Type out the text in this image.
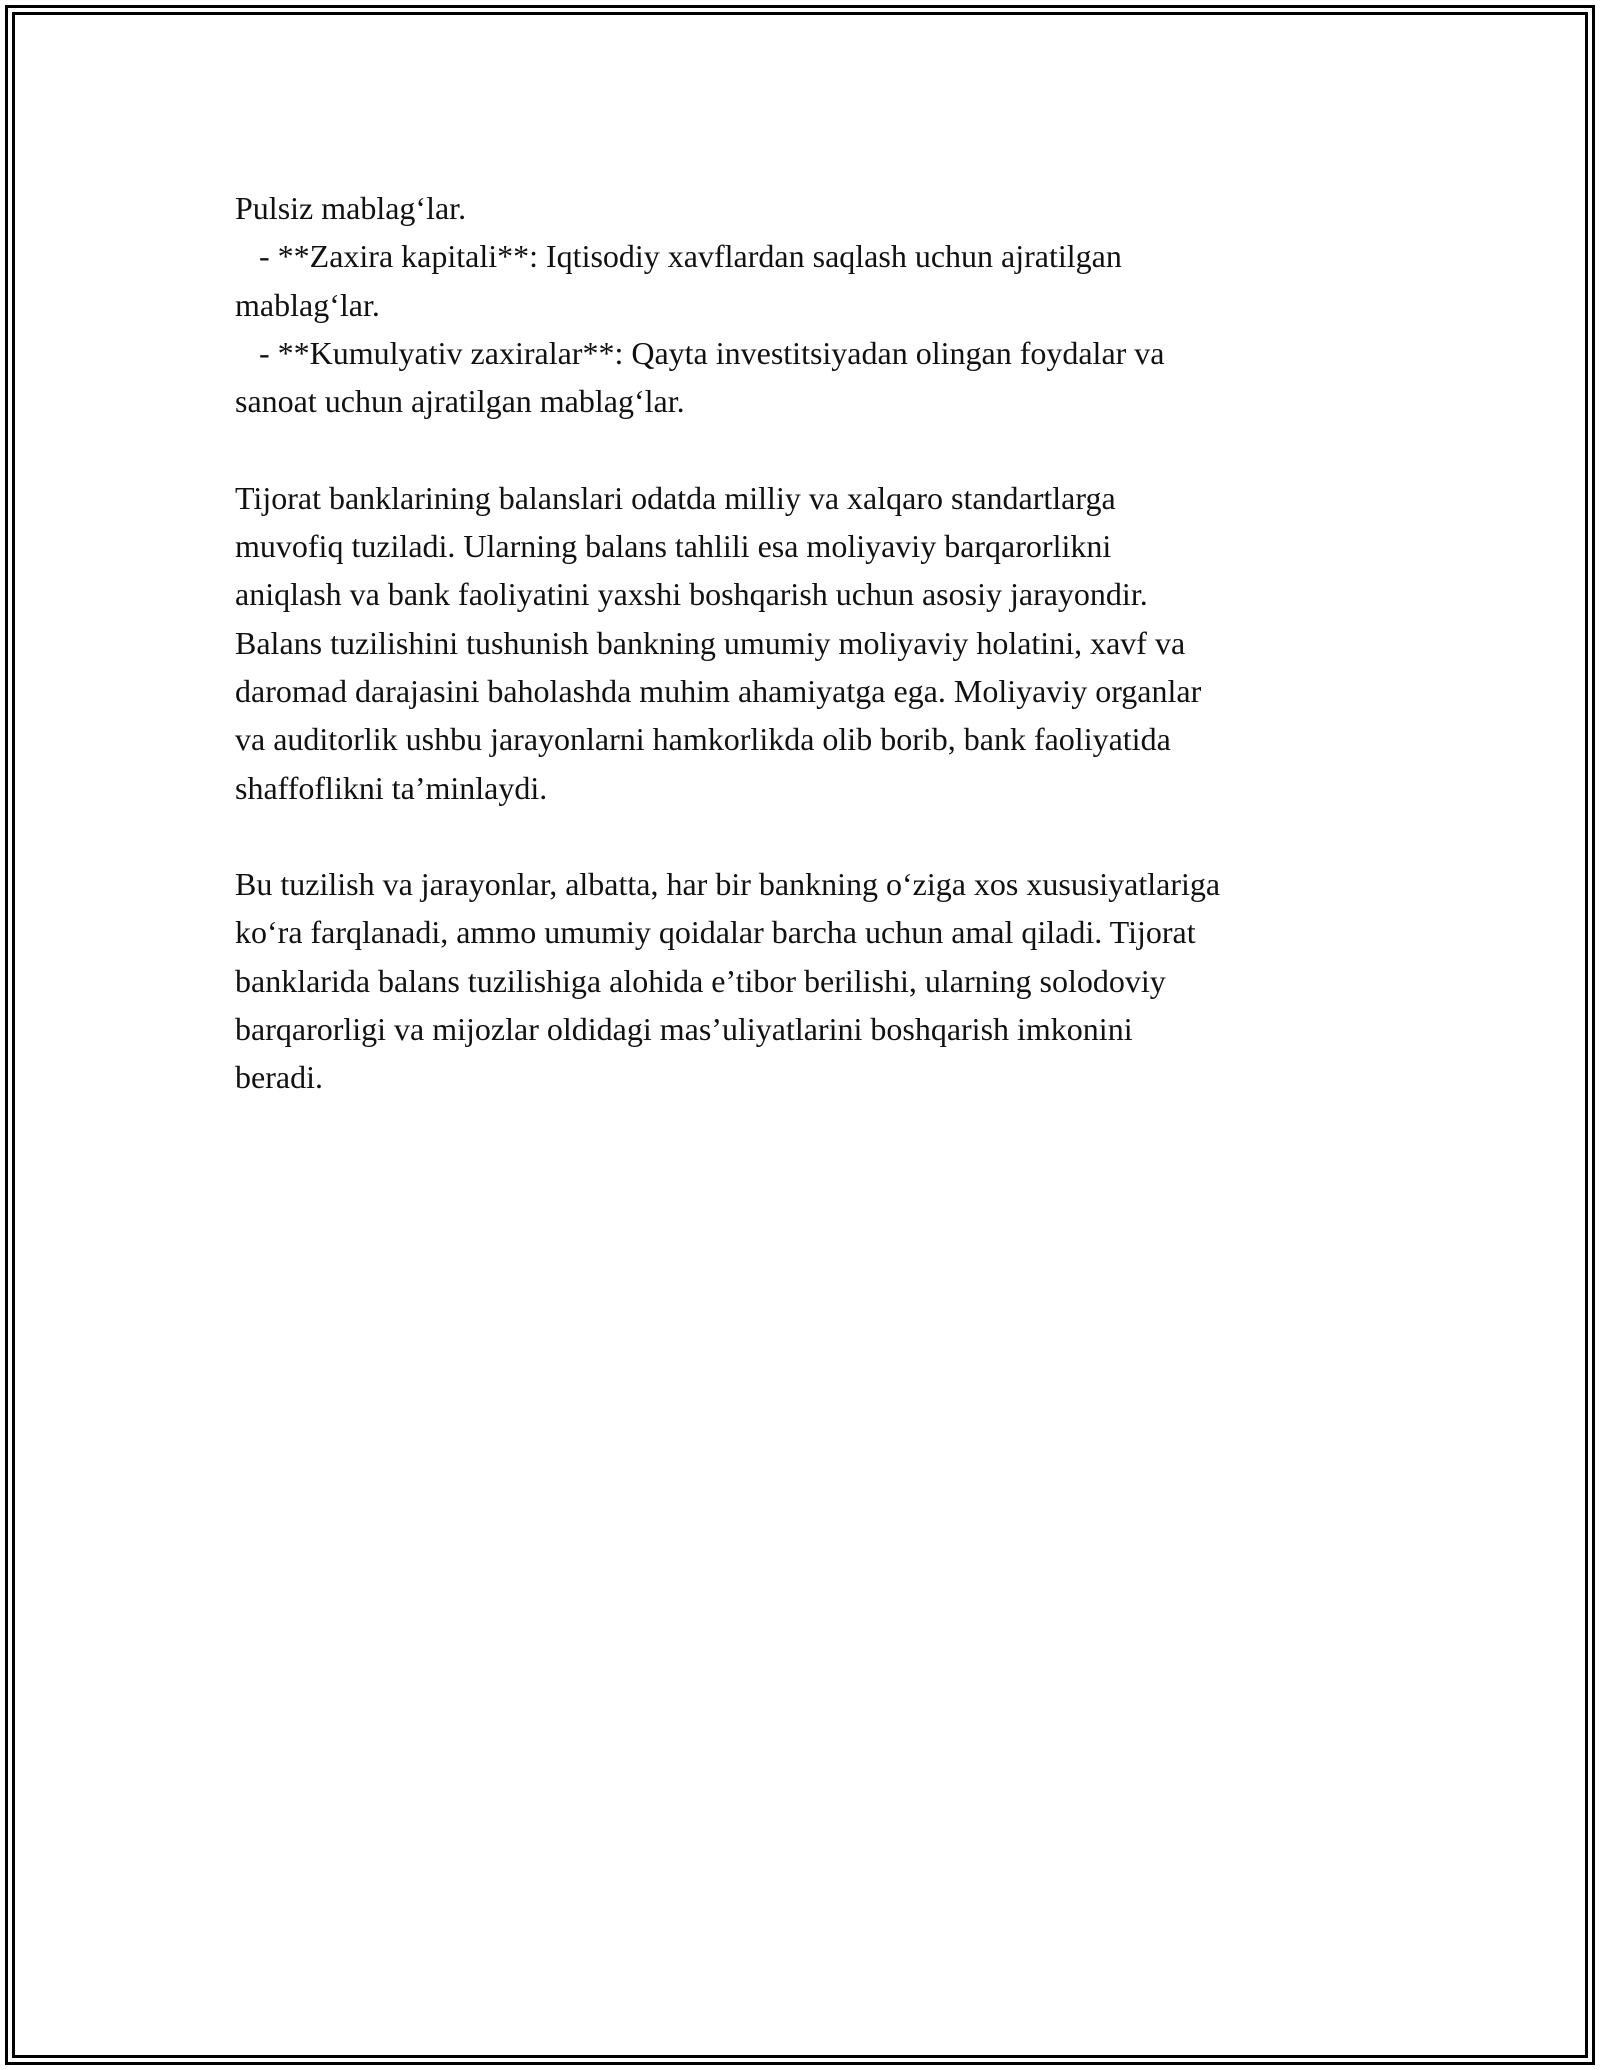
Pulsiz mablag‘lar.
- **Zaxira kapitali**: Iqtisodiy xavflardan saqlash uchun ajratilgan
mablag‘lar.
- **Kumulyativ zaxiralar**: Qayta investitsiyadan olingan foydalar va
sanoat uchun ajratilgan mablag‘lar.
Tijorat banklarining balanslari odatda milliy va xalqaro standartlarga
muvofiq tuziladi. Ularning balans tahlili esa moliyaviy barqarorlikni
aniqlash va bank faoliyatini yaxshi boshqarish uchun asosiy jarayondir.
Balans tuzilishini tushunish bankning umumiy moliyaviy holatini, xavf va
daromad darajasini baholashda muhim ahamiyatga ega. Moliyaviy organlar
va auditorlik ushbu jarayonlarni hamkorlikda olib borib, bank faoliyatida
shaffoflikni ta’minlaydi.
Bu tuzilish va jarayonlar, albatta, har bir bankning o‘ziga xos xususiyatlariga
ko‘ra farqlanadi, ammo umumiy qoidalar barcha uchun amal qiladi. Tijorat
banklarida balans tuzilishiga alohida e’tibor berilishi, ularning solodoviy
barqarorligi va mijozlar oldidagi mas’uliyatlarini boshqarish imkonini
beradi.
